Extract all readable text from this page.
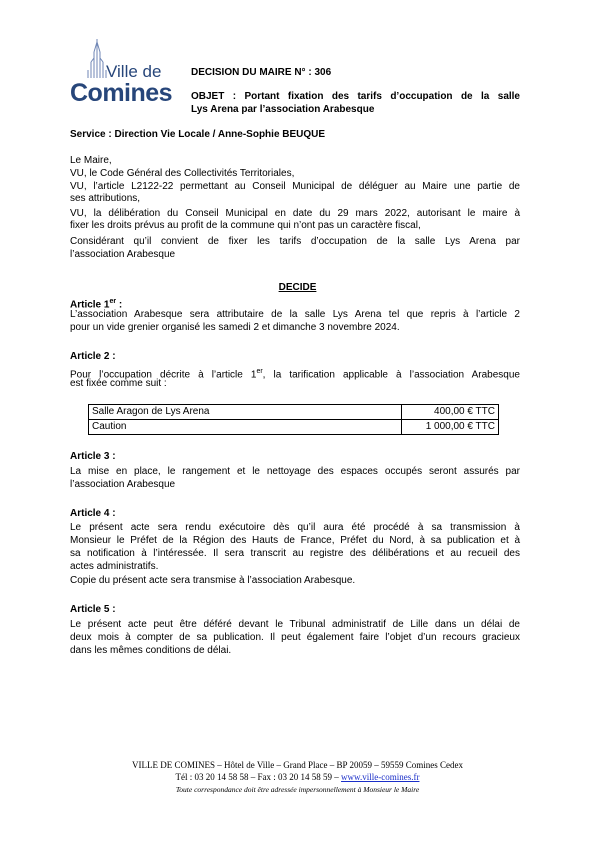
Ville de
Comines
DECISION DU MAIRE N° : 306
OBJET : Portant fixation des tarifs d’occupation de la salle
Lys Arena par l’association Arabesque
Service : Direction Vie Locale / Anne-Sophie BEUQUE
Le Maire,
VU, le Code Général des Collectivités Territoriales,
VU, l’article L2122-22 permettant au Conseil Municipal de déléguer au Maire une partie de
ses attributions,
VU, la délibération du Conseil Municipal en date du 29 mars 2022, autorisant le maire à
fixer les droits prévus au profit de la commune qui n’ont pas un caractère fiscal,
Considérant qu’il convient de fixer les tarifs d’occupation de la salle Lys Arena par
l’association Arabesque
DECIDE
Article 1er :
L’association Arabesque sera attributaire de la salle Lys Arena tel que repris à l’article 2
pour un vide grenier organisé les samedi 2 et dimanche 3 novembre 2024.
Article 2 :
Pour l’occupation décrite à l’article 1er, la tarification applicable à l’association Arabesque
est fixée comme suit :
Salle Aragon de Lys Arena	400,00 € TTC
Caution	1 000,00 € TTC
Article 3 :
La mise en place, le rangement et le nettoyage des espaces occupés seront assurés par
l’association Arabesque
Article 4 :
Le présent acte sera rendu exécutoire dès qu’il aura été procédé à sa transmission à
Monsieur le Préfet de la Région des Hauts de France, Préfet du Nord, à sa publication et à
sa notification à l’intéressée. Il sera transcrit au registre des délibérations et au recueil des
actes administratifs.
Copie du présent acte sera transmise à l’association Arabesque.
Article 5 :
Le présent acte peut être déféré devant le Tribunal administratif de Lille dans un délai de
deux mois à compter de sa publication. Il peut également faire l’objet d’un recours gracieux
dans les mêmes conditions de délai.
VILLE DE COMINES – Hôtel de Ville – Grand Place – BP 20059 – 59559 Comines Cedex
Tél : 03 20 14 58 58 – Fax : 03 20 14 58 59 – www.ville-comines.fr
Toute correspondance doit être adressée impersonnellement à Monsieur le Maire
